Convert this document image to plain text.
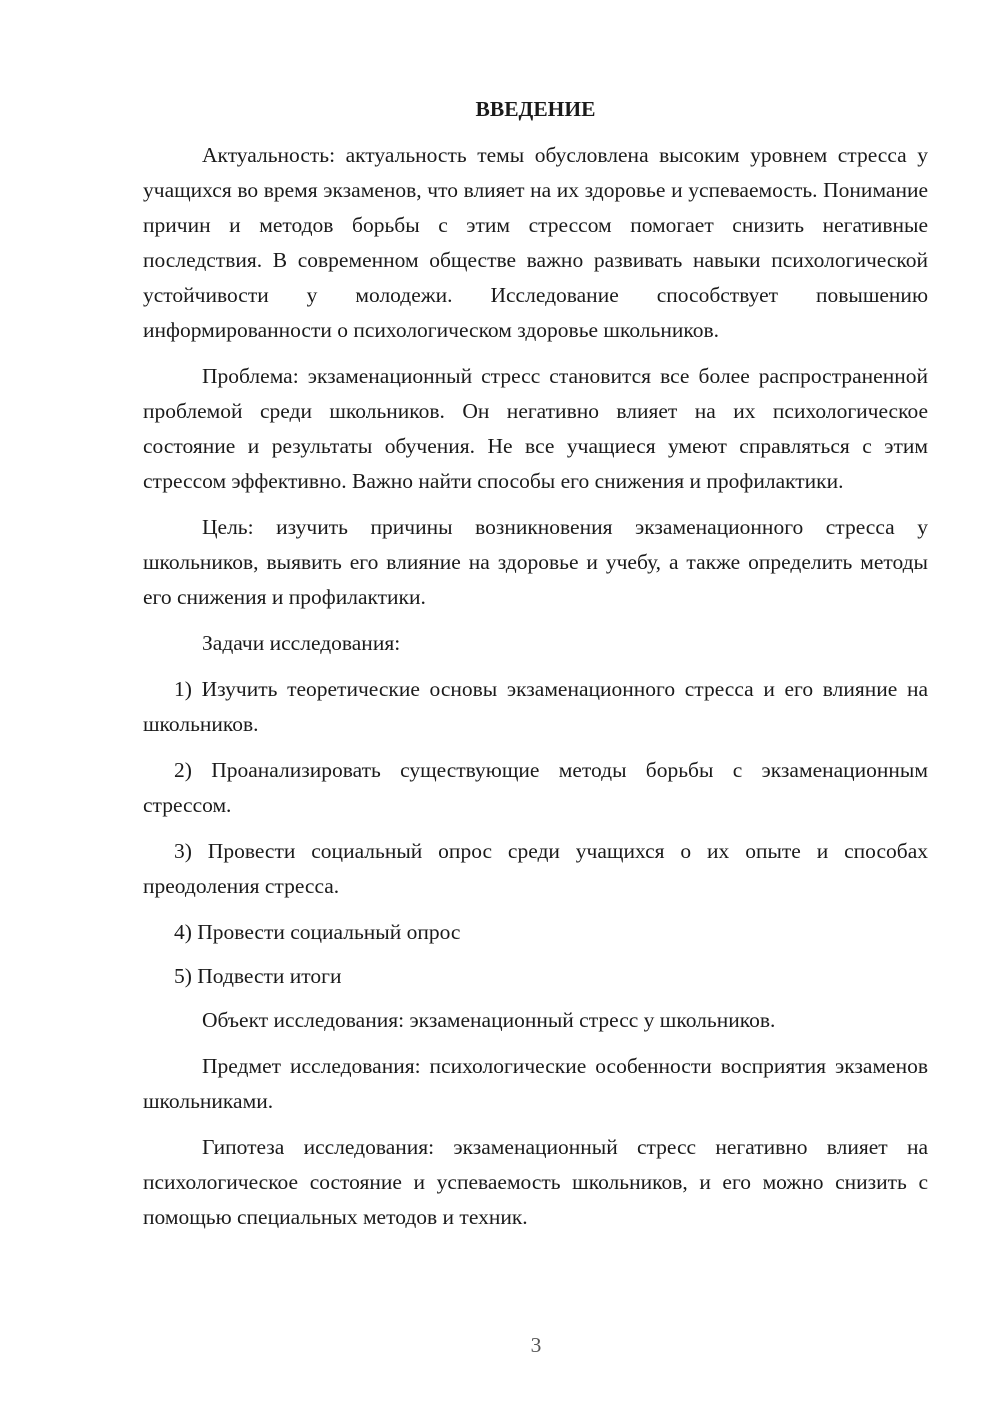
ВВЕДЕНИЕ

Актуальность: актуальность темы обусловлена высоким уровнем стресса у учащихся во время экзаменов, что влияет на их здоровье и успеваемость. Понимание причин и методов борьбы с этим стрессом помогает снизить негативные последствия. В современном обществе важно развивать навыки психологической устойчивости у молодежи. Исследование способствует повышению информированности о психологическом здоровье школьников.

Проблема: экзаменационный стресс становится все более распространенной проблемой среди школьников. Он негативно влияет на их психологическое состояние и результаты обучения. Не все учащиеся умеют справляться с этим стрессом эффективно. Важно найти способы его снижения и профилактики.

Цель: изучить причины возникновения экзаменационного стресса у школьников, выявить его влияние на здоровье и учебу, а также определить методы его снижения и профилактики.

Задачи исследования:

1) Изучить теоретические основы экзаменационного стресса и его влияние на школьников.

2) Проанализировать существующие методы борьбы с экзаменационным стрессом.

3) Провести социальный опрос среди учащихся о их опыте и способах преодоления стресса.

4) Провести социальный опрос

5) Подвести итоги

Объект исследования: экзаменационный стресс у школьников.

Предмет исследования: психологические особенности восприятия экзаменов школьниками.

Гипотеза исследования: экзаменационный стресс негативно влияет на психологическое состояние и успеваемость школьников, и его можно снизить с помощью специальных методов и техник.

3
